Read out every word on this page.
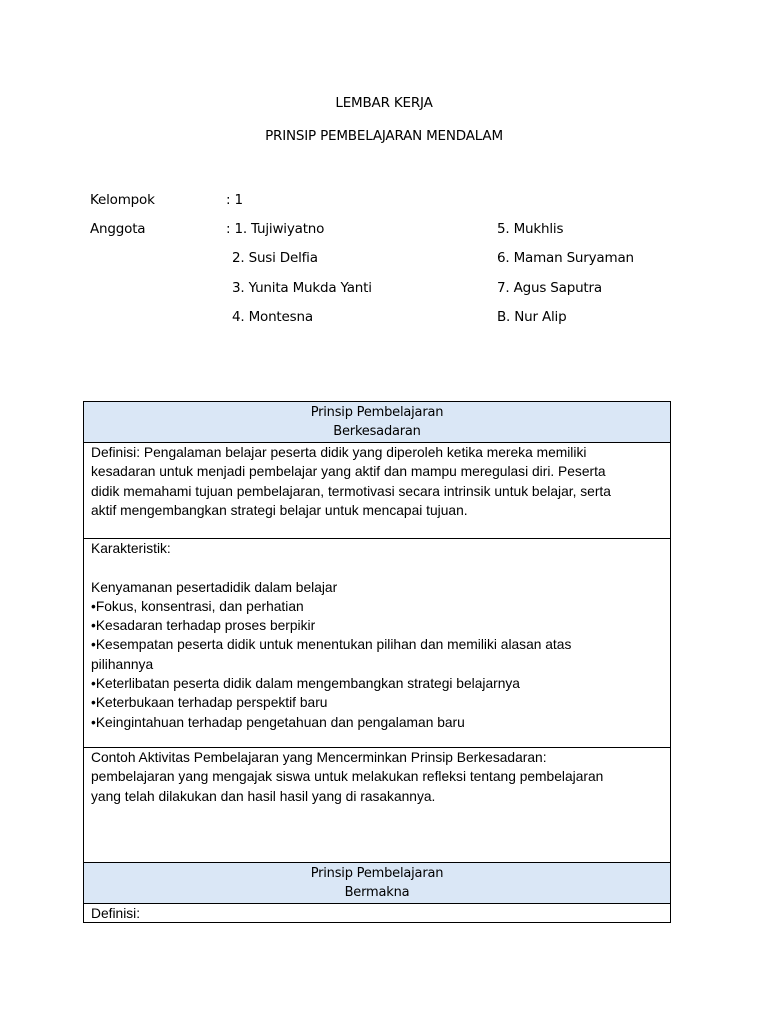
LEMBAR KERJA
PRINSIP PEMBELAJARAN MENDALAM
Kelompok	: 1
Anggota	: 1. Tujiwiyatno
2. Susi Delfia
3. Yunita Mukda Yanti
4. Montesna
5. Mukhlis
6. Maman Suryaman
7. Agus Saputra
B. Nur Alip
Prinsip Pembelajaran
Berkesadaran

Definisi: Pengalaman belajar peserta didik yang diperoleh ketika mereka memiliki

kesadaran untuk menjadi pembelajar yang aktif dan mampu meregulasi diri. Peserta

didik memahami tujuan pembelajaran, termotivasi secara intrinsik untuk belajar, serta

aktif mengembangkan strategi belajar untuk mencapai tujuan.

Karakteristik:

Kenyamanan pesertadidik dalam belajar

•Fokus, konsentrasi, dan perhatian

•Kesadaran terhadap proses berpikir

•Kesempatan peserta didik untuk menentukan pilihan dan memiliki alasan atas

pilihannya

•Keterlibatan peserta didik dalam mengembangkan strategi belajarnya

•Keterbukaan terhadap perspektif baru

•Keingintahuan terhadap pengetahuan dan pengalaman baru

Contoh Aktivitas Pembelajaran yang Mencerminkan Prinsip Berkesadaran:

pembelajaran yang mengajak siswa untuk melakukan refleksi tentang pembelajaran

yang telah dilakukan dan hasil hasil yang di rasakannya.

Prinsip Pembelajaran
Bermakna

Definisi:
